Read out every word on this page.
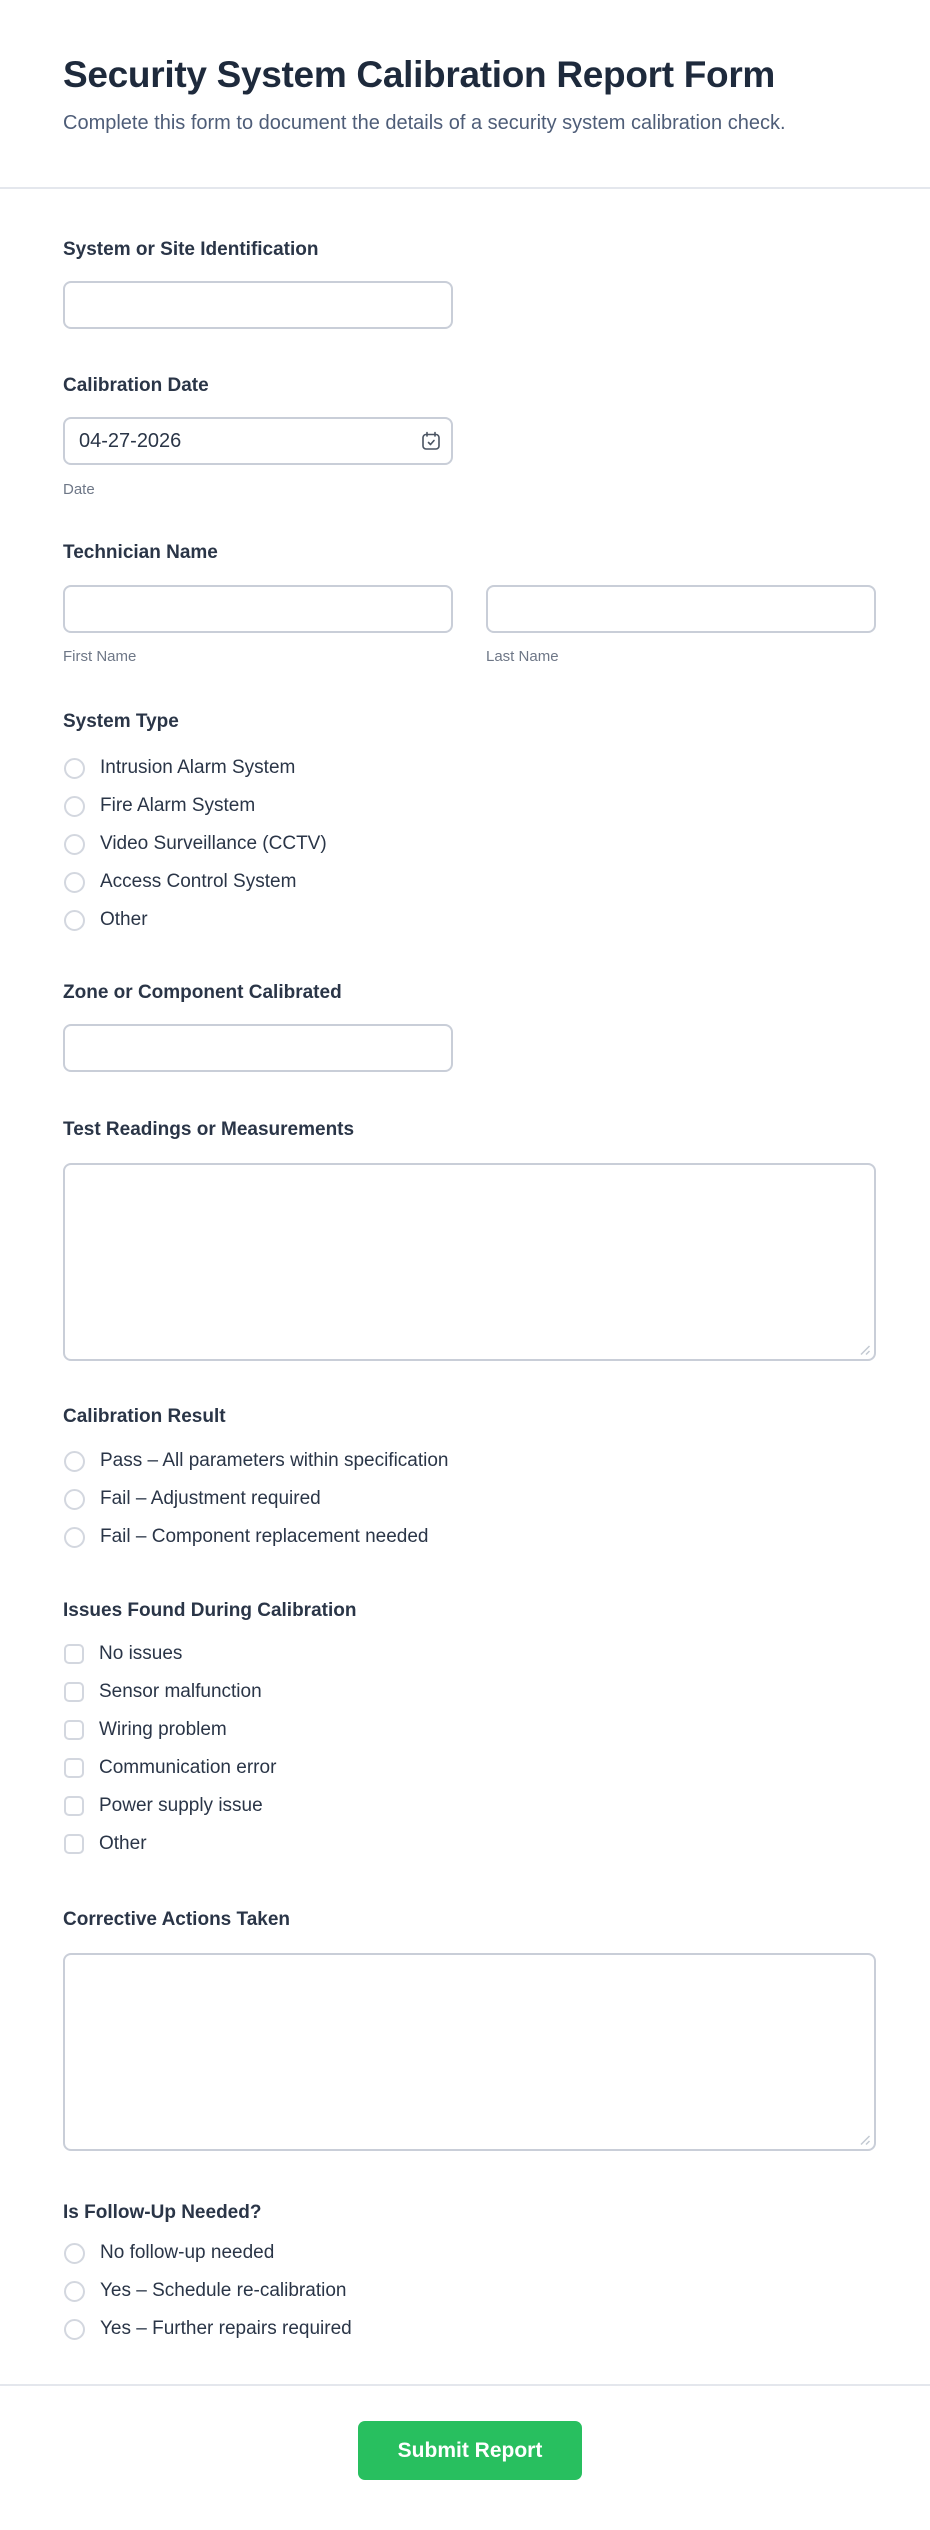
Security System Calibration Report Form
Complete this form to document the details of a security system calibration check.
System or Site Identification
Calibration Date
04-27-2026
Date
Technician Name
First Name	Last Name
System Type
Intrusion Alarm System
Fire Alarm System
Video Surveillance (CCTV)
Access Control System
Other
Zone or Component Calibrated
Test Readings or Measurements
Calibration Result
Pass – All parameters within specification
Fail – Adjustment required
Fail – Component replacement needed
Issues Found During Calibration
No issues
Sensor malfunction
Wiring problem
Communication error
Power supply issue
Other
Corrective Actions Taken
Is Follow-Up Needed?
No follow-up needed
Yes – Schedule re-calibration
Yes – Further repairs required
Submit Report
